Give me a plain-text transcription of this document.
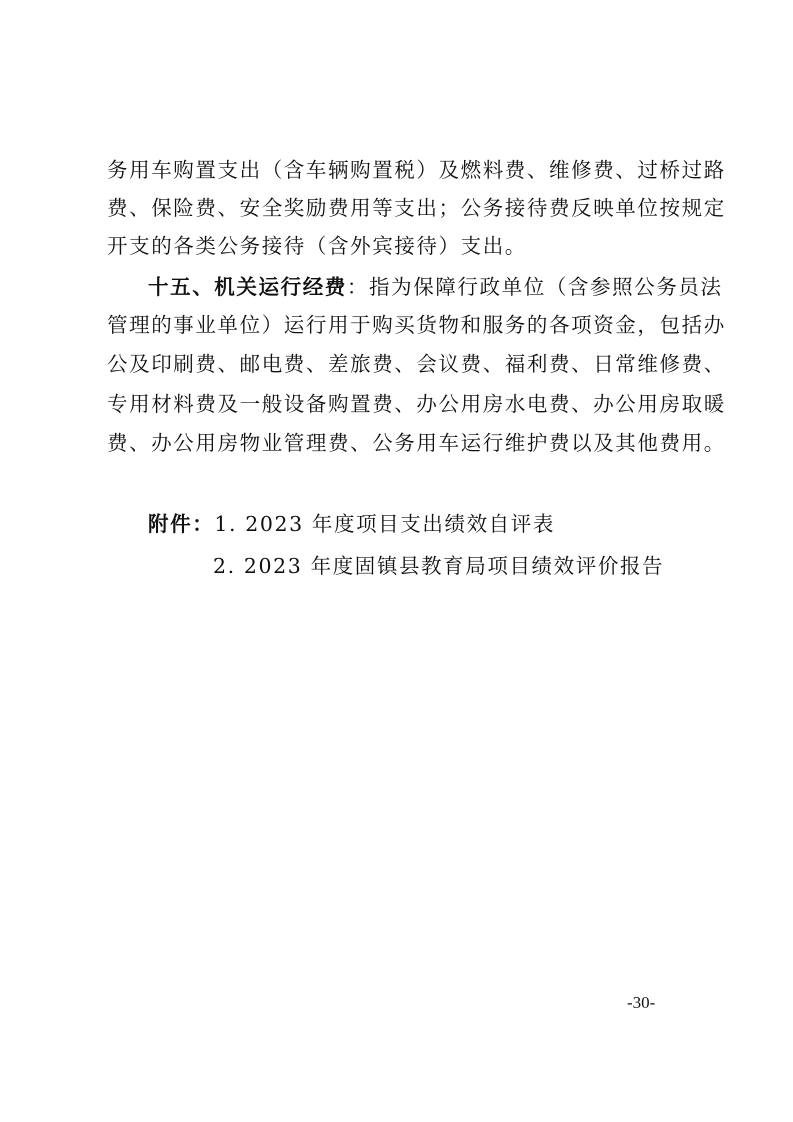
务用车购置支出（含车辆购置税）及燃料费、维修费、过桥过路
费、保险费、安全奖励费用等支出；公务接待费反映单位按规定
开支的各类公务接待（含外宾接待）支出。
十五、机关运行经费：指为保障行政单位（含参照公务员法
管理的事业单位）运行用于购买货物和服务的各项资金，包括办
公及印刷费、邮电费、差旅费、会议费、福利费、日常维修费、
专用材料费及一般设备购置费、办公用房水电费、办公用房取暖
费、办公用房物业管理费、公务用车运行维护费以及其他费用。
附件：1. 2023 年度项目支出绩效自评表
2. 2023 年度固镇县教育局项目绩效评价报告
-30-
